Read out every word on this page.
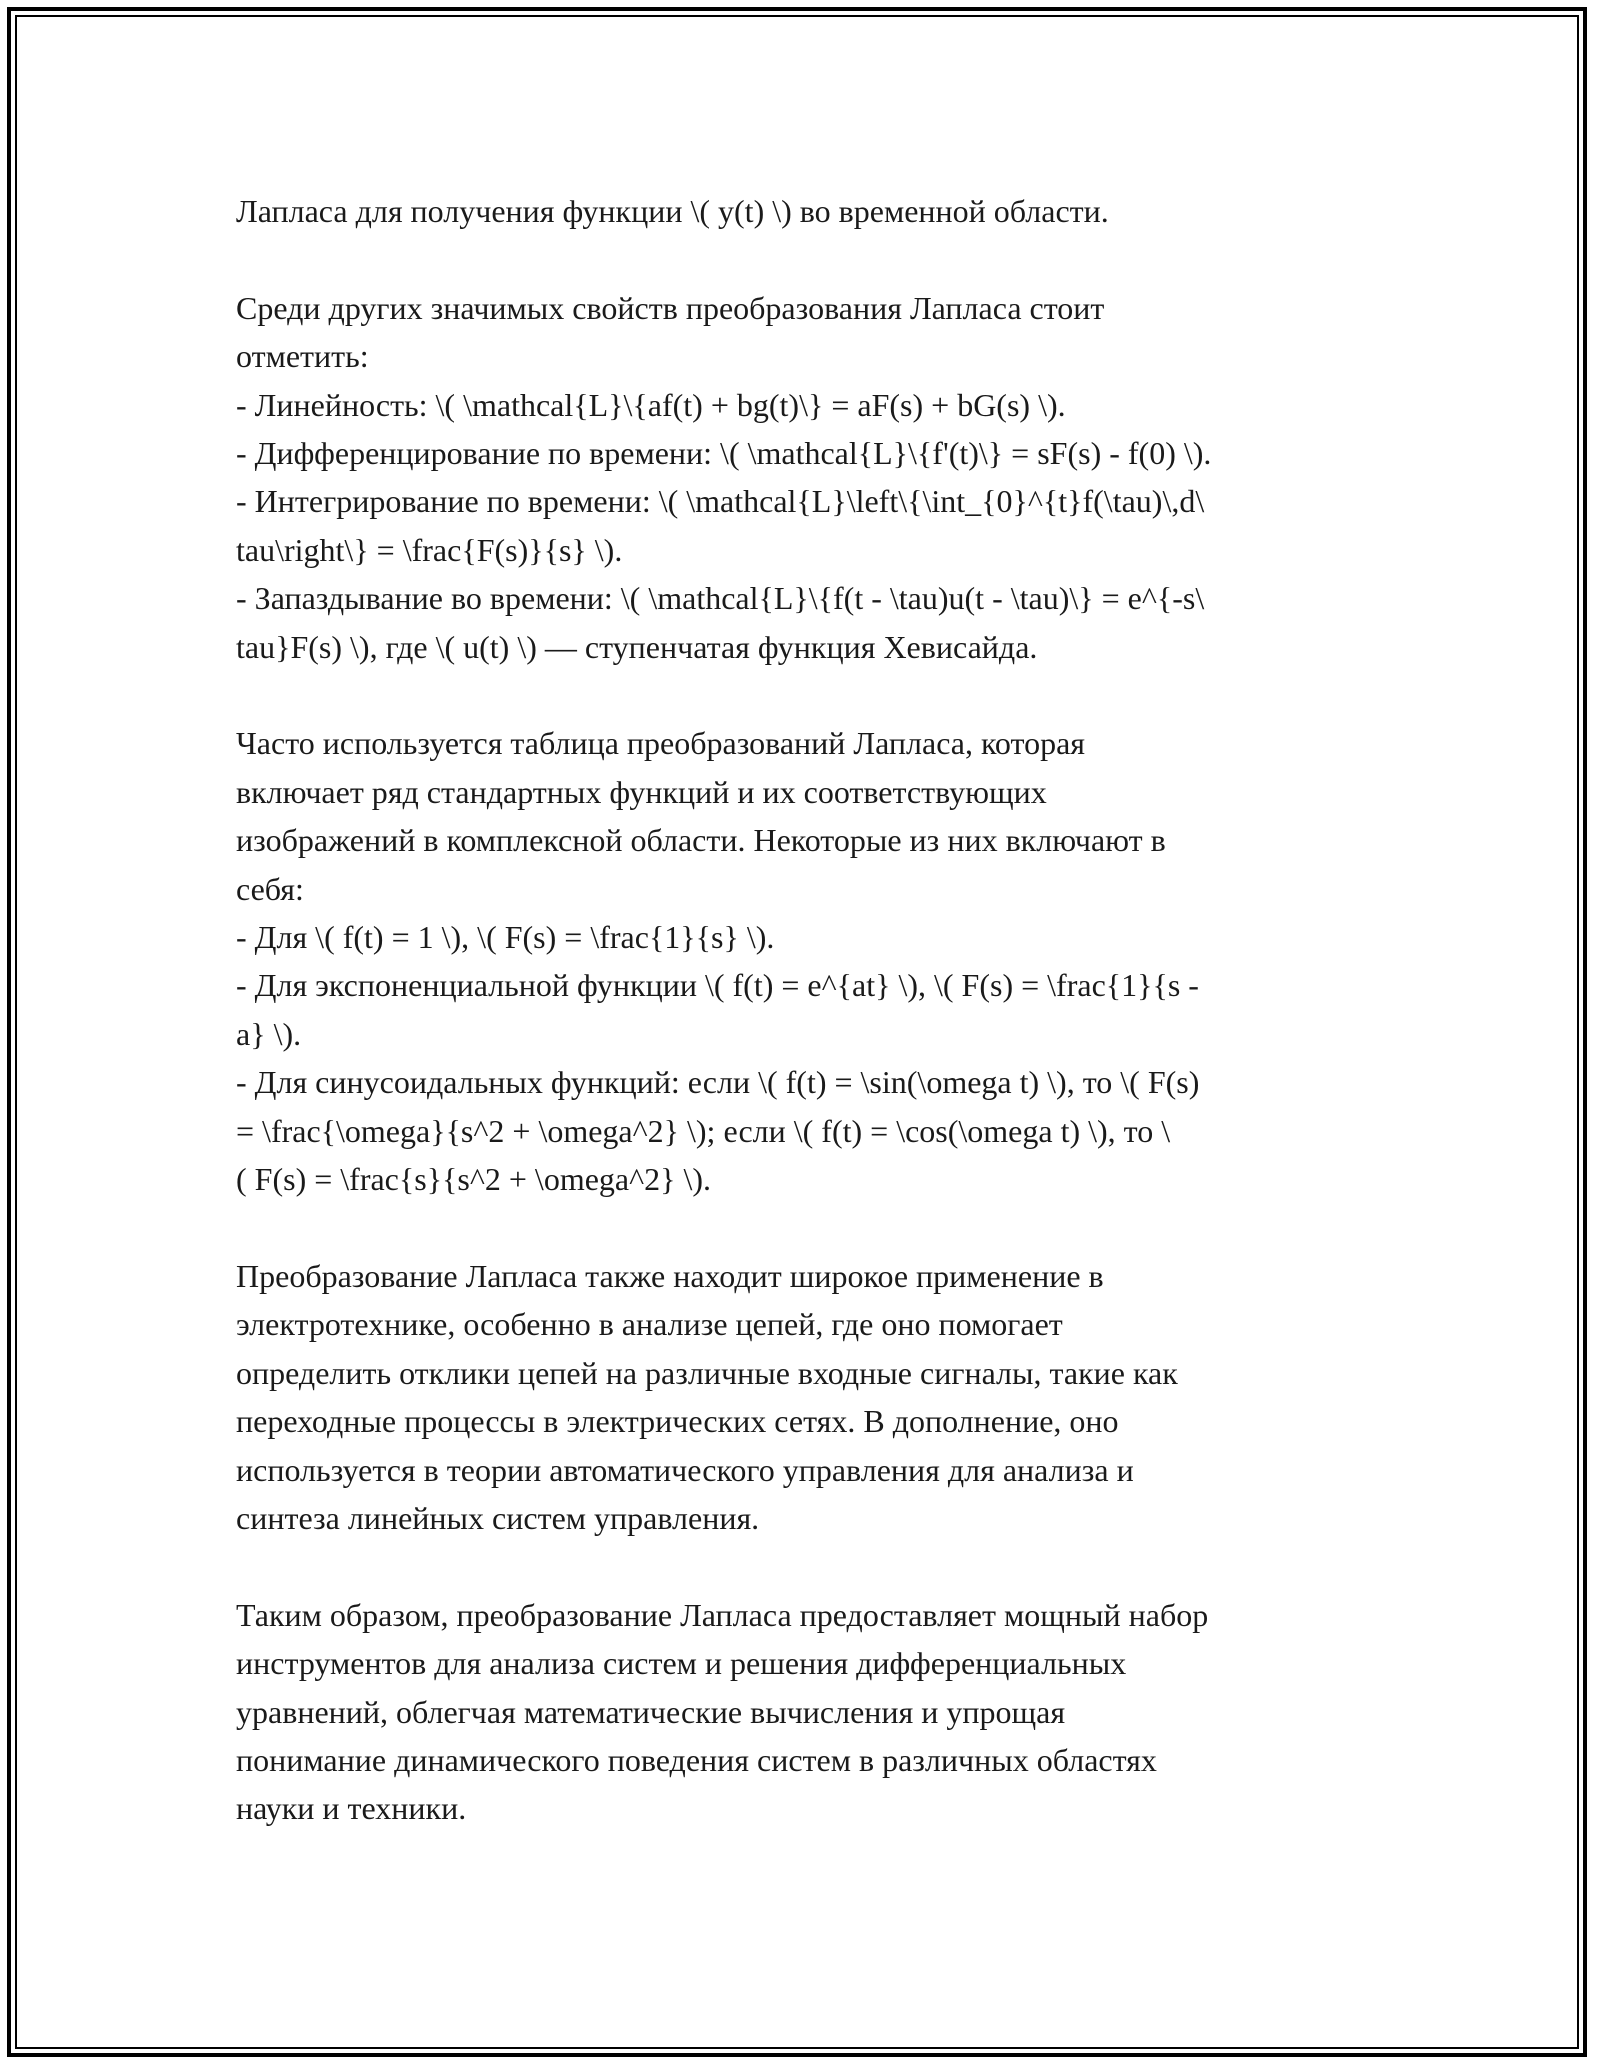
Лапласа для получения функции \( y(t) \) во временной области.

Среди других значимых свойств преобразования Лапласа стоит
отметить:
- Линейность: \( \mathcal{L}\{af(t) + bg(t)\} = aF(s) + bG(s) \).
- Дифференцирование по времени: \( \mathcal{L}\{f'(t)\} = sF(s) - f(0) \).
- Интегрирование по времени: \( \mathcal{L}\left\{\int_{0}^{t}f(\tau)\,d\
tau\right\} = \frac{F(s)}{s} \).
- Запаздывание во времени: \( \mathcal{L}\{f(t - \tau)u(t - \tau)\} = e^{-s\
tau}F(s) \), где \( u(t) \) — ступенчатая функция Хевисайда.

Часто используется таблица преобразований Лапласа, которая
включает ряд стандартных функций и их соответствующих
изображений в комплексной области. Некоторые из них включают в
себя:
- Для \( f(t) = 1 \), \( F(s) = \frac{1}{s} \).
- Для экспоненциальной функции \( f(t) = e^{at} \), \( F(s) = \frac{1}{s -
a} \).
- Для синусоидальных функций: если \( f(t) = \sin(\omega t) \), то \( F(s)
= \frac{\omega}{s^2 + \omega^2} \); если \( f(t) = \cos(\omega t) \), то \
( F(s) = \frac{s}{s^2 + \omega^2} \).

Преобразование Лапласа также находит широкое применение в
электротехнике, особенно в анализе цепей, где оно помогает
определить отклики цепей на различные входные сигналы, такие как
переходные процессы в электрических сетях. В дополнение, оно
используется в теории автоматического управления для анализа и
синтеза линейных систем управления.

Таким образом, преобразование Лапласа предоставляет мощный набор
инструментов для анализа систем и решения дифференциальных
уравнений, облегчая математические вычисления и упрощая
понимание динамического поведения систем в различных областях
науки и техники.
